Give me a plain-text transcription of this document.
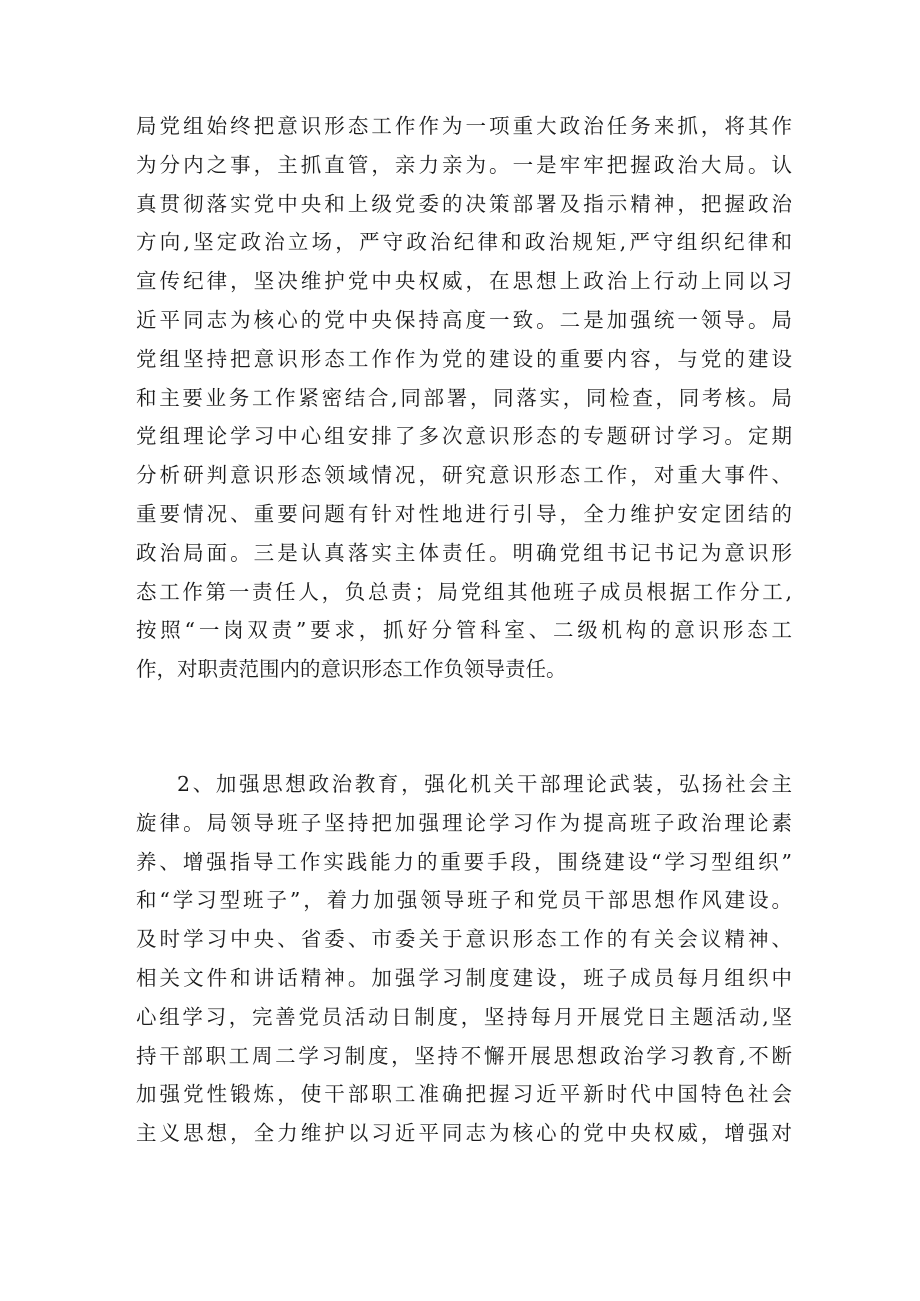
局党组始终把意识形态工作作为一项重大政治任务来抓，将其作
为分内之事，主抓直管，亲力亲为。一是牢牢把握政治大局。认
真贯彻落实党中央和上级党委的决策部署及指示精神，把握政治
方向,坚定政治立场，严守政治纪律和政治规矩,严守组织纪律和
宣传纪律，坚决维护党中央权威，在思想上政治上行动上同以习
近平同志为核心的党中央保持高度一致。二是加强统一领导。局
党组坚持把意识形态工作作为党的建设的重要内容，与党的建设
和主要业务工作紧密结合,同部署，同落实，同检查，同考核。局
党组理论学习中心组安排了多次意识形态的专题研讨学习。定期
分析研判意识形态领域情况，研究意识形态工作，对重大事件、
重要情况、重要问题有针对性地进行引导，全力维护安定团结的
政治局面。三是认真落实主体责任。明确党组书记书记为意识形
态工作第一责任人，负总责；局党组其他班子成员根据工作分工,
按照“一岗双责”要求，抓好分管科室、二级机构的意识形态工
作，对职责范围内的意识形态工作负领导责任。
2、加强思想政治教育，强化机关干部理论武装，弘扬社会主
旋律。局领导班子坚持把加强理论学习作为提高班子政治理论素
养、增强指导工作实践能力的重要手段，围绕建设“学习型组织”
和“学习型班子”，着力加强领导班子和党员干部思想作风建设。
及时学习中央、省委、市委关于意识形态工作的有关会议精神、
相关文件和讲话精神。加强学习制度建设，班子成员每月组织中
心组学习，完善党员活动日制度，坚持每月开展党日主题活动,坚
持干部职工周二学习制度，坚持不懈开展思想政治学习教育,不断
加强党性锻炼，使干部职工准确把握习近平新时代中国特色社会
主义思想，全力维护以习近平同志为核心的党中央权威，增强对
